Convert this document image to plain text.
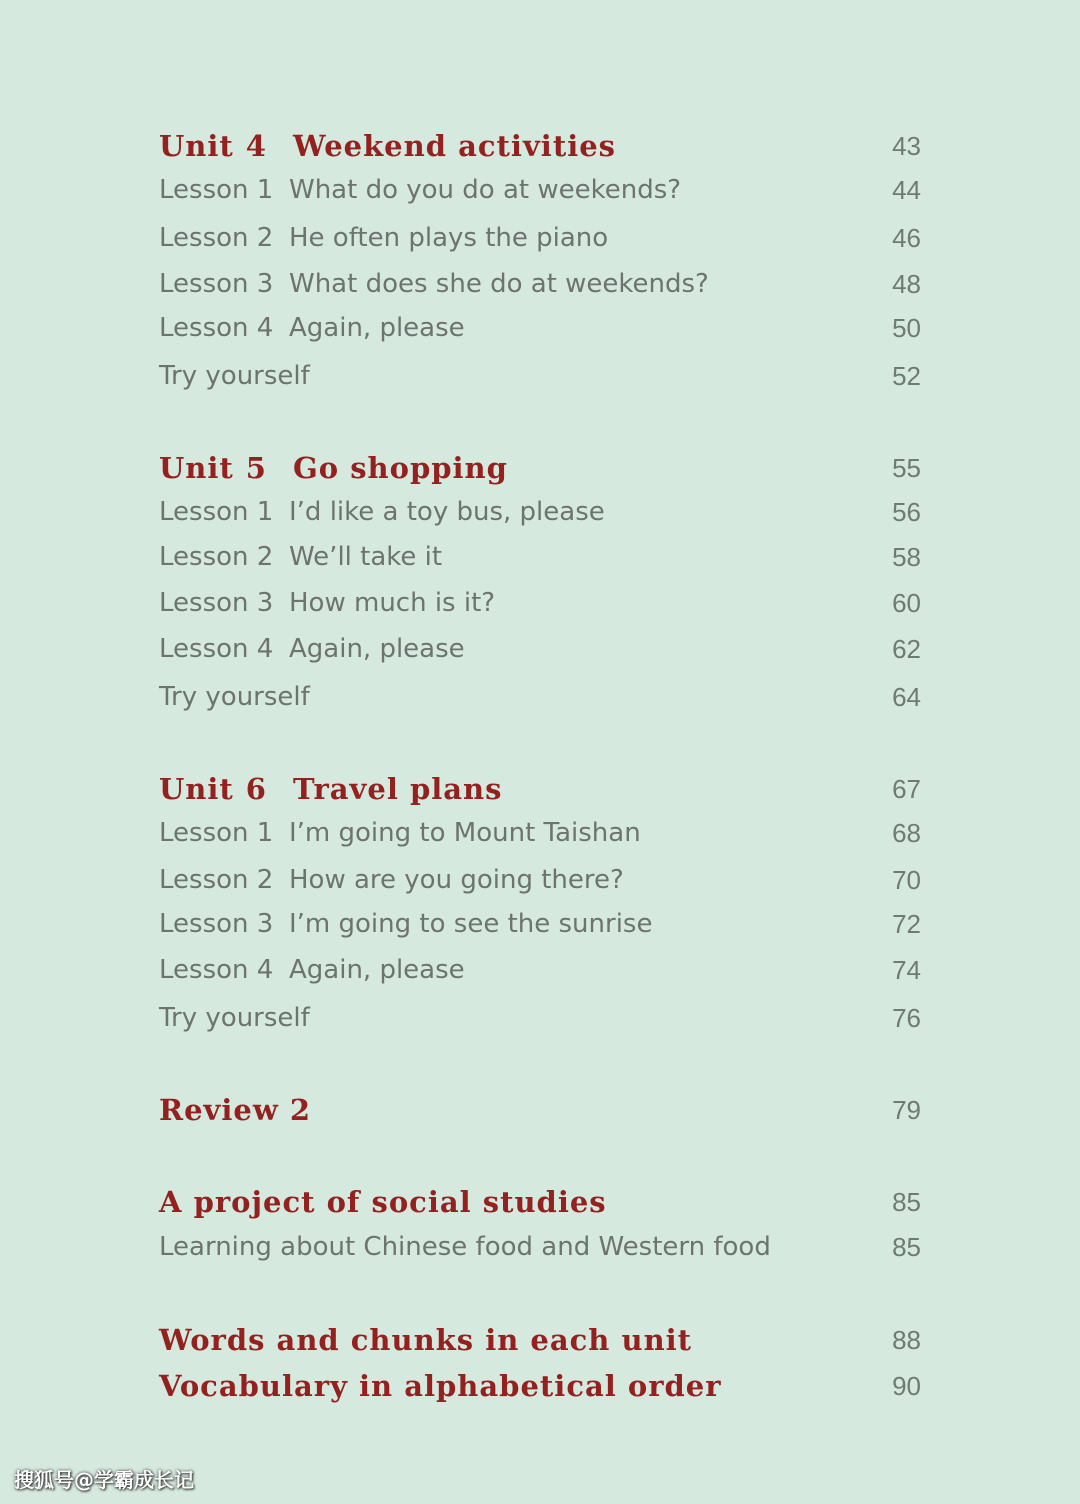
Unit 4 Weekend activities	43
Lesson 1 What do you do at weekends?	44
Lesson 2 He often plays the piano	46
Lesson 3 What does she do at weekends?	48
Lesson 4 Again, please	50
Try yourself	52
Unit 5 Go shopping	55
Lesson 1 I’d like a toy bus, please	56
Lesson 2 We’ll take it	58
Lesson 3 How much is it?	60
Lesson 4 Again, please	62
Try yourself	64
Unit 6 Travel plans	67
Lesson 1 I’m going to Mount Taishan	68
Lesson 2 How are you going there?	70
Lesson 3 I’m going to see the sunrise	72
Lesson 4 Again, please	74
Try yourself	76
Review 2	79
A project of social studies	85
Learning about Chinese food and Western food	85
Words and chunks in each unit	88
Vocabulary in alphabetical order	90
搜狐号@学霸成长记
